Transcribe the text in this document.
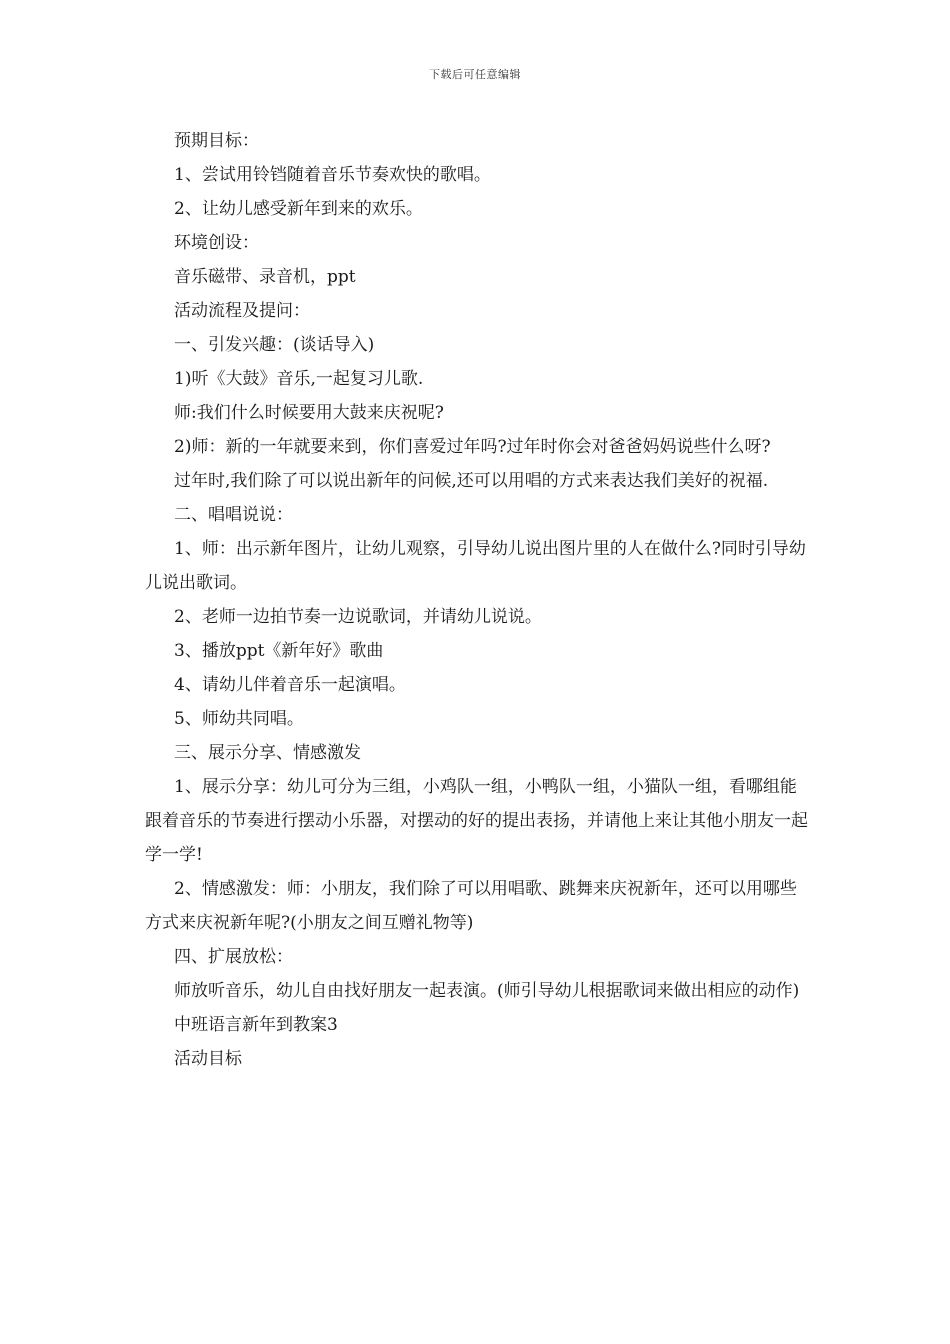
下载后可任意编辑

预期目标：

1、尝试用铃铛随着音乐节奏欢快的歌唱。

2、让幼儿感受新年到来的欢乐。

环境创设：

音乐磁带、录音机，ppt

活动流程及提问：

一、引发兴趣：(谈话导入)

1)听《大鼓》音乐,一起复习儿歌.

师:我们什么时候要用大鼓来庆祝呢?

2)师：新的一年就要来到，你们喜爱过年吗?过年时你会对爸爸妈妈说些什么呀?

过年时,我们除了可以说出新年的问候,还可以用唱的方式来表达我们美好的祝福.

二、唱唱说说：

1、师：出示新年图片，让幼儿观察，引导幼儿说出图片里的人在做什么?同时引导幼儿说出歌词。

2、老师一边拍节奏一边说歌词，并请幼儿说说。

3、播放ppt《新年好》歌曲

4、请幼儿伴着音乐一起演唱。

5、师幼共同唱。

三、展示分享、情感激发

1、展示分享：幼儿可分为三组，小鸡队一组，小鸭队一组，小猫队一组，看哪组能跟着音乐的节奏进行摆动小乐器，对摆动的好的提出表扬，并请他上来让其他小朋友一起学一学!

2、情感激发：师：小朋友，我们除了可以用唱歌、跳舞来庆祝新年，还可以用哪些方式来庆祝新年呢?(小朋友之间互赠礼物等)

四、扩展放松：

师放听音乐，幼儿自由找好朋友一起表演。(师引导幼儿根据歌词来做出相应的动作)

中班语言新年到教案3

活动目标
